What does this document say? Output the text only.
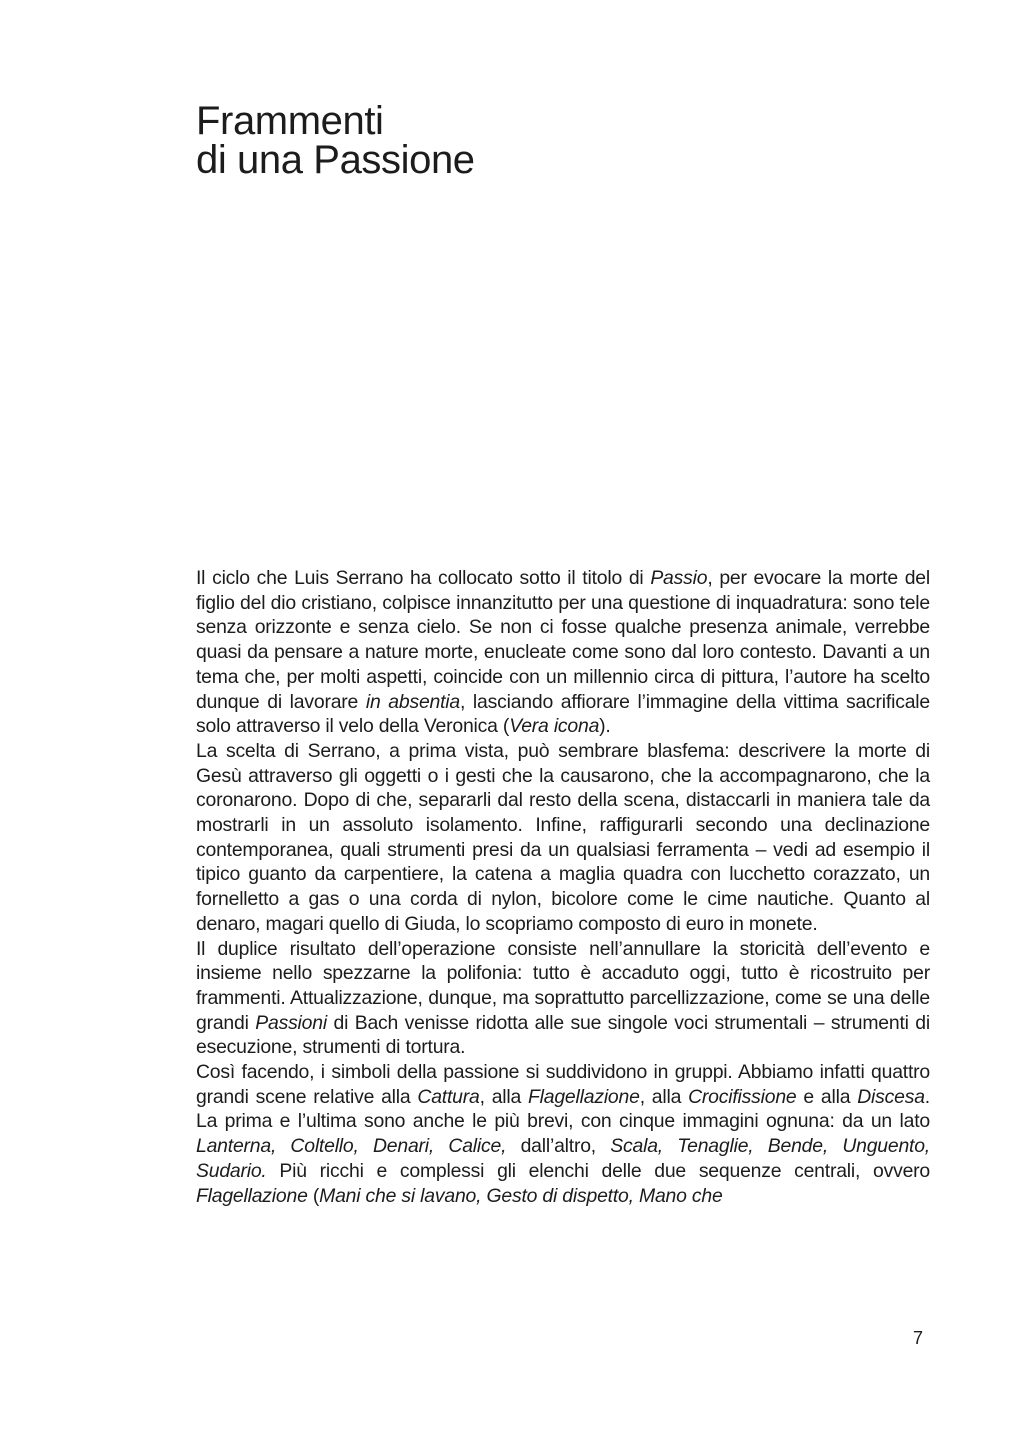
Frammenti
di una Passione

Il ciclo che Luis Serrano ha collocato sotto il titolo di Passio, per evocare la morte del figlio del dio cristiano, colpisce innanzitutto per una questione di inquadratura: sono tele senza orizzonte e senza cielo. Se non ci fosse qualche presenza animale, verrebbe quasi da pensare a nature morte, enucleate come sono dal loro contesto. Davanti a un tema che, per molti aspetti, coincide con un millennio circa di pittura, l’autore ha scelto dunque di lavorare in absentia, lasciando affiorare l’immagine della vittima sacrificale solo attraverso il velo della Veronica (Vera icona).

La scelta di Serrano, a prima vista, può sembrare blasfema: descrivere la morte di Gesù attraverso gli oggetti o i gesti che la causarono, che la accompagnarono, che la coronarono. Dopo di che, separarli dal resto della scena, distaccarli in maniera tale da mostrarli in un assoluto isolamento. Infine, raffigurarli secondo una declinazione contemporanea, quali strumenti presi da un qualsiasi ferramenta – vedi ad esempio il tipico guanto da carpentiere, la catena a maglia quadra con lucchetto corazzato, un fornelletto a gas o una corda di nylon, bicolore come le cime nautiche. Quanto al denaro, magari quello di Giuda, lo scopriamo composto di euro in monete.

Il duplice risultato dell’operazione consiste nell’annullare la storicità dell’evento e insieme nello spezzarne la polifonia: tutto è accaduto oggi, tutto è ricostruito per frammenti. Attualizzazione, dunque, ma soprattutto parcellizzazione, come se una delle grandi Passioni di Bach venisse ridotta alle sue singole voci strumentali – strumenti di esecuzione, strumenti di tortura.

Così facendo, i simboli della passione si suddividono in gruppi. Abbiamo infatti quattro grandi scene relative alla Cattura, alla Flagellazione, alla Crocifissione e alla Discesa. La prima e l’ultima sono anche le più brevi, con cinque immagini ognuna: da un lato Lanterna, Coltello, Denari, Calice, dall’altro, Scala, Tenaglie, Bende, Unguento, Sudario. Più ricchi e complessi gli elenchi delle due sequenze centrali, ovvero Flagellazione (Mani che si lavano, Gesto di dispetto, Mano che

7
